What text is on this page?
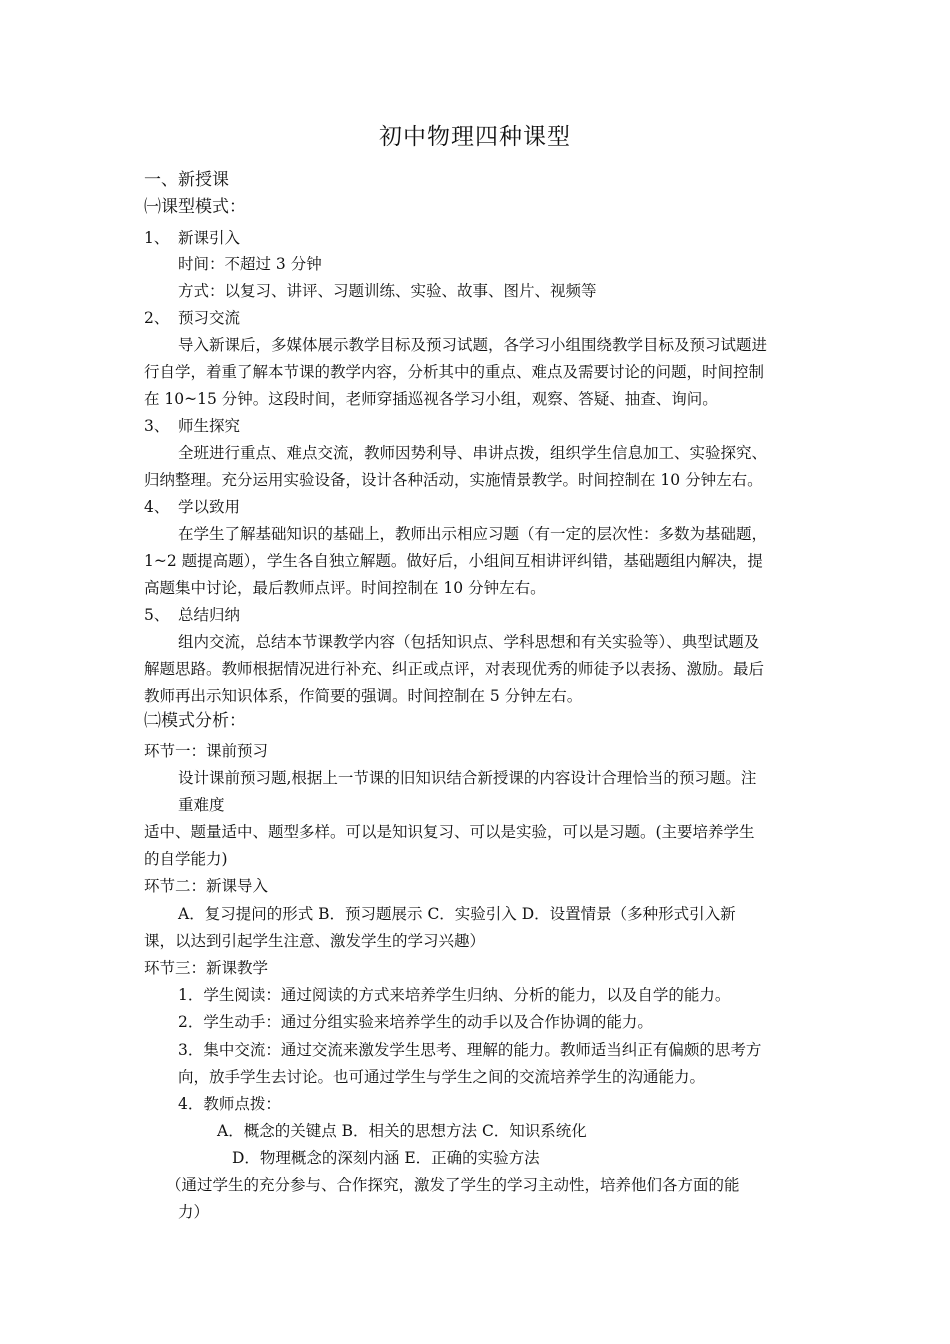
初中物理四种课型
一、新授课
㈠课型模式：
1、 新课引入
时间：不超过 3 分钟
方式：以复习、讲评、习题训练、实验、故事、图片、视频等
2、 预习交流
导入新课后，多媒体展示教学目标及预习试题，各学习小组围绕教学目标及预习试题进
行自学，着重了解本节课的教学内容，分析其中的重点、难点及需要讨论的问题，时间控制
在 10~15 分钟。这段时间，老师穿插巡视各学习小组，观察、答疑、抽查、询问。
3、 师生探究
全班进行重点、难点交流，教师因势利导、串讲点拨，组织学生信息加工、实验探究、
归纳整理。充分运用实验设备，设计各种活动，实施情景教学。时间控制在 10 分钟左右。
4、 学以致用
在学生了解基础知识的基础上，教师出示相应习题（有一定的层次性：多数为基础题，
1~2 题提高题），学生各自独立解题。做好后，小组间互相讲评纠错，基础题组内解决，提
高题集中讨论，最后教师点评。时间控制在 10 分钟左右。
5、 总结归纳
组内交流，总结本节课教学内容（包括知识点、学科思想和有关实验等）、典型试题及
解题思路。教师根据情况进行补充、纠正或点评，对表现优秀的师徒予以表扬、激励。最后
教师再出示知识体系，作简要的强调。时间控制在 5 分钟左右。
㈡模式分析：
环节一：课前预习
设计课前预习题,根据上一节课的旧知识结合新授课的内容设计合理恰当的预习题。注
重难度
适中、题量适中、题型多样。可以是知识复习、可以是实验，可以是习题。(主要培养学生
的自学能力)
环节二：新课导入
A．复习提问的形式 B．预习题展示 C．实验引入 D．设置情景（多种形式引入新
课，以达到引起学生注意、激发学生的学习兴趣）
环节三：新课教学
1．学生阅读：通过阅读的方式来培养学生归纳、分析的能力，以及自学的能力。
2．学生动手：通过分组实验来培养学生的动手以及合作协调的能力。
3．集中交流：通过交流来激发学生思考、理解的能力。教师适当纠正有偏颇的思考方
向，放手学生去讨论。也可通过学生与学生之间的交流培养学生的沟通能力。
4．教师点拨：
A．概念的关键点 B．相关的思想方法 C．知识系统化
D．物理概念的深刻内涵 E．正确的实验方法
（通过学生的充分参与、合作探究，激发了学生的学习主动性，培养他们各方面的能
力）
